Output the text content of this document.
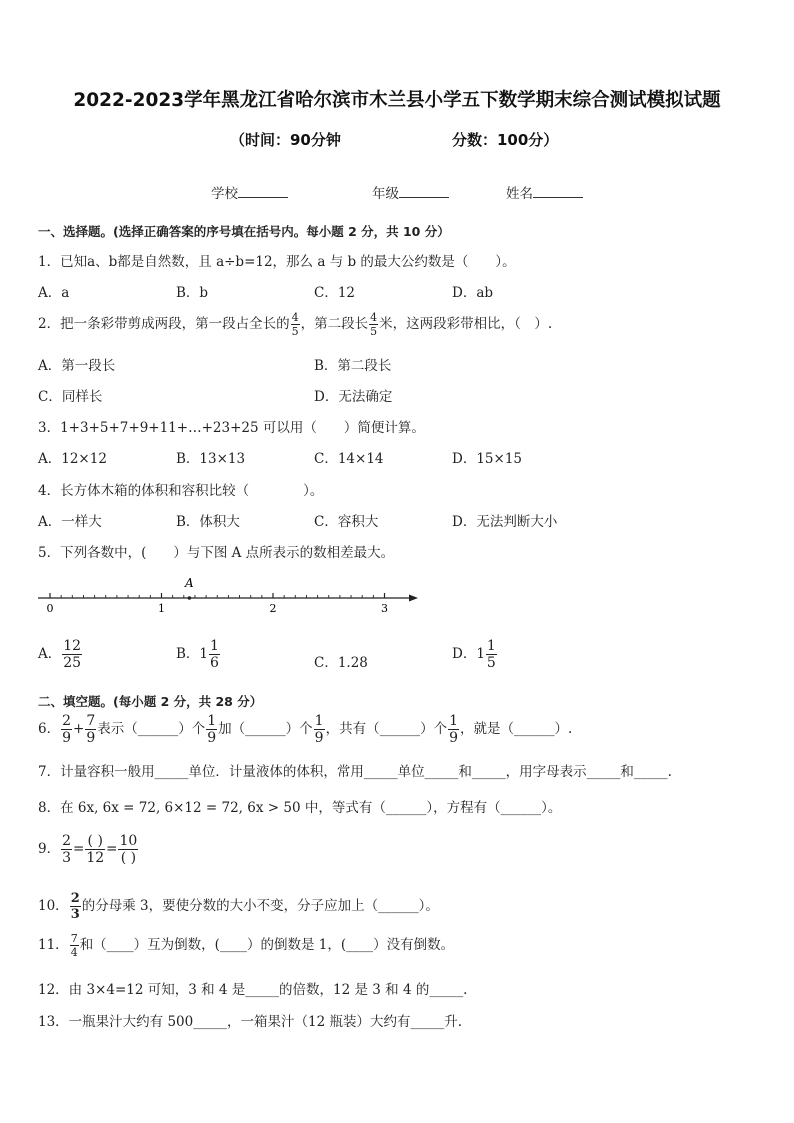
2022-2023学年黑龙江省哈尔滨市木兰县小学五下数学期末综合测试模拟试题
（时间：90分钟	分数：100分）
学校	年级	姓名
一、选择题。(选择正确答案的序号填在括号内。每小题 2 分，共 10 分）
1．已知a、b都是自然数，且 a÷b=12，那么 a 与 b 的最大公约数是（　　）。
A．a	B．b	C．12	D．ab
2．把一条彩带剪成两段，第一段占全长的 $\frac{4}{5}$ ，第二段长 $\frac{4}{5}$ 米，这两段彩带相比，（　）.
A．第一段长	B．第二段长
C．同样长	D．无法确定
3．1+3+5+7+9+11+…+23+25 可以用（　　）简便计算。
A．12×12	B．13×13	C．14×14	D．15×15
4．长方体木箱的体积和容积比较（　　　　）。
A．一样大	B．体积大	C．容积大	D．无法判断大小
5．下列各数中，(　　）与下图 A 点所表示的数相差最大。
0	1	2	3
A
A． $\frac{12}{25}$	B．$1 \frac{1}{6}$	C．1.28
D．$1 \frac{1}{5}$
二、填空题。(每小题 2 分，共 28 分）
6． $\frac{2}{9} + \frac{7}{9}$ 表示（______）个 $\frac{1}{9}$ 加（______）个 $\frac{1}{9}$ ，共有（______）个 $\frac{1}{9}$ ，就是（______）.
7．计量容积一般用_____单位．计量液体的体积，常用_____单位_____和_____，用字母表示_____和_____.
8．在 6x, 6x = 72, 6×12 = 72, 6x > 50 中，等式有（______），方程有（______）。
9． $\frac{2}{3} = \frac{( )}{12} = \frac{10}{( )}$
10． $\frac{2}{3}$ 的分母乘 3，要使分数的大小不变，分子应加上（______）。
11． $\frac{7}{4}$ 和（____）互为倒数，(____）的倒数是 1，(____）没有倒数。
12．由 3×4=12 可知，3 和 4 是_____的倍数，12 是 3 和 4 的_____.
13．一瓶果汁大约有 500_____，一箱果汁（12 瓶装）大约有_____升.
